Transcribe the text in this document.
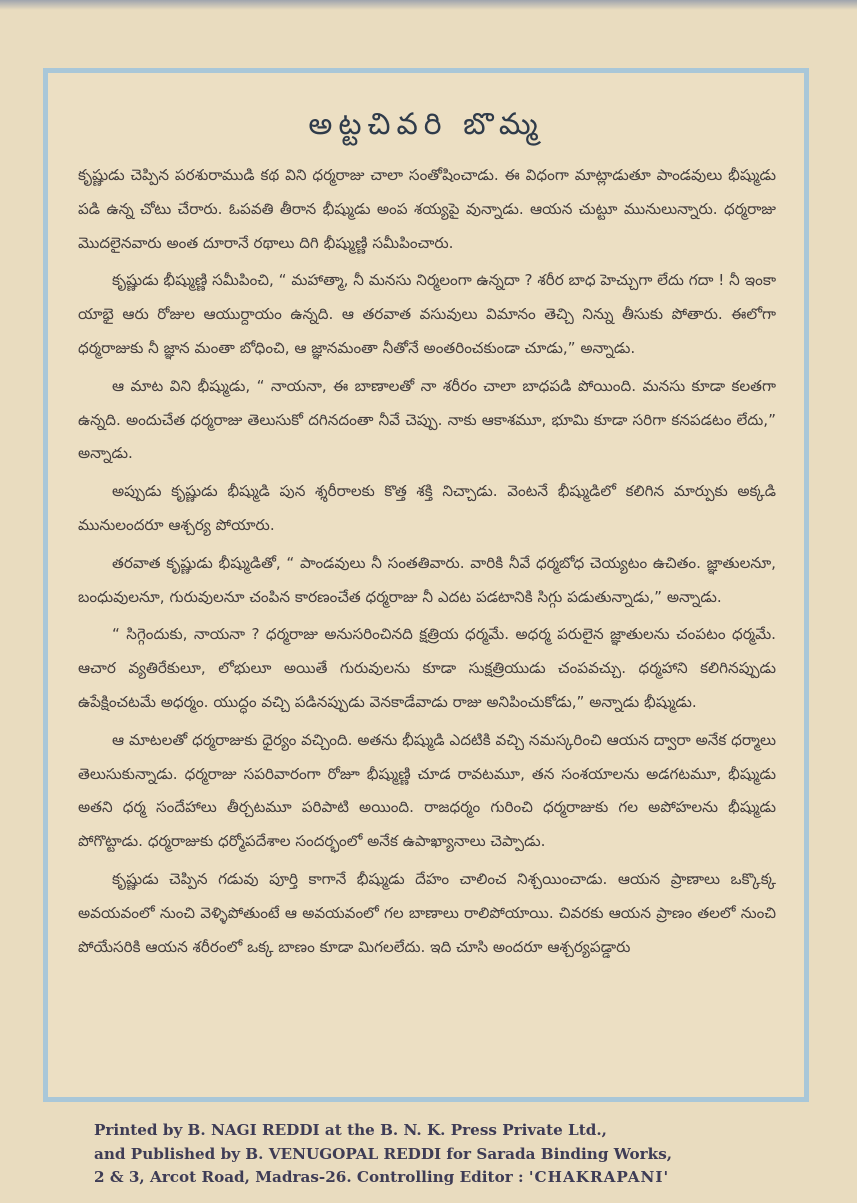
అట్టచివరి బొమ్మ

కృష్ణుడు చెప్పిన పరశురాముడి కథ విని ధర్మరాజు చాలా సంతోషించాడు. ఈ విధంగా మాట్లాడుతూ పాండవులు భీష్ముడు పడి ఉన్న చోటు చేరారు. ఓపవతి తీరాన భీష్ముడు అంప శయ్యపై వున్నాడు. ఆయన చుట్టూ మునులున్నారు. ధర్మరాజు మొదలైనవారు అంత దూరానే రథాలు దిగి భీష్ముణ్ణి సమీపించారు.

కృష్ణుడు భీష్ముణ్ణి సమీపించి, “ మహాత్మా, నీ మనసు నిర్మలంగా ఉన్నదా ? శరీర బాధ హెచ్చుగా లేదు గదా ! నీ ఇంకా యాభై ఆరు రోజుల ఆయుర్దాయం ఉన్నది. ఆ తరవాత వసువులు విమానం తెచ్చి నిన్ను తీసుకు పోతారు. ఈలోగా ధర్మరాజుకు నీ జ్ఞాన మంతా బోధించి, ఆ జ్ఞానమంతా నీతోనే అంతరించకుండా చూడు,” అన్నాడు.

ఆ మాట విని భీష్ముడు, “ నాయనా, ఈ బాణాలతో నా శరీరం చాలా బాధపడి పోయింది. మనసు కూడా కలతగా ఉన్నది. అందుచేత ధర్మరాజు తెలుసుకో దగినదంతా నీవే చెప్పు. నాకు ఆకాశమూ, భూమి కూడా సరిగా కనపడటం లేదు,” అన్నాడు.

అప్పుడు కృష్ణుడు భీష్ముడి పున శ్శరీరాలకు కొత్త శక్తి నిచ్చాడు. వెంటనే భీష్ముడిలో కలిగిన మార్పుకు అక్కడి మునులందరూ ఆశ్చర్య పోయారు.

తరవాత కృష్ణుడు భీష్ముడితో, “ పాండవులు నీ సంతతివారు. వారికి నీవే ధర్మబోధ చెయ్యటం ఉచితం. జ్ఞాతులనూ, బంధువులనూ, గురువులనూ చంపిన కారణంచేత ధర్మరాజు నీ ఎదట పడటానికి సిగ్గు పడుతున్నాడు,” అన్నాడు.

“ సిగ్గెందుకు, నాయనా ? ధర్మరాజు అనుసరించినది క్షత్రియ ధర్మమే. అధర్మ పరులైన జ్ఞాతులను చంపటం ధర్మమే. ఆచార వ్యతిరేకులూ, లోభులూ అయితే గురువులను కూడా సుక్షత్రియుడు చంపవచ్చు. ధర్మహాని కలిగినప్పుడు ఉపేక్షించటమే అధర్మం. యుద్ధం వచ్చి పడినప్పుడు వెనకాడేవాడు రాజు అనిపించుకోడు,” అన్నాడు భీష్ముడు.

ఆ మాటలతో ధర్మరాజుకు ధైర్యం వచ్చింది. అతను భీష్ముడి ఎదటికి వచ్చి నమస్కరించి ఆయన ద్వారా అనేక ధర్మాలు తెలుసుకున్నాడు. ధర్మరాజు సపరివారంగా రోజూ భీష్ముణ్ణి చూడ రావటమూ, తన సంశయాలను అడగటమూ, భీష్ముడు అతని ధర్మ సందేహాలు తీర్చటమూ పరిపాటి అయింది. రాజధర్మం గురించి ధర్మరాజుకు గల అపోహలను భీష్ముడు పోగొట్టాడు. ధర్మరాజుకు ధర్మోపదేశాల సందర్భంలో అనేక ఉపాఖ్యానాలు చెప్పాడు.

కృష్ణుడు చెప్పిన గడువు పూర్తి కాగానే భీష్ముడు దేహం చాలించ నిశ్చయించాడు. ఆయన ప్రాణాలు ఒక్కొక్క అవయవంలో నుంచి వెళ్ళిపోతుంటే ఆ అవయవంలో గల బాణాలు రాలిపోయాయి. చివరకు ఆయన ప్రాణం తలలో నుంచి పోయేసరికి ఆయన శరీరంలో ఒక్క బాణం కూడా మిగలలేదు. ఇది చూసి అందరూ ఆశ్చర్యపడ్డారు

Printed by B. NAGI REDDI at the B. N. K. Press Private Ltd.,
and Published by B. VENUGOPAL REDDI for Sarada Binding Works,
2 & 3, Arcot Road, Madras-26. Controlling Editor : 'CHAKRAPANI'
